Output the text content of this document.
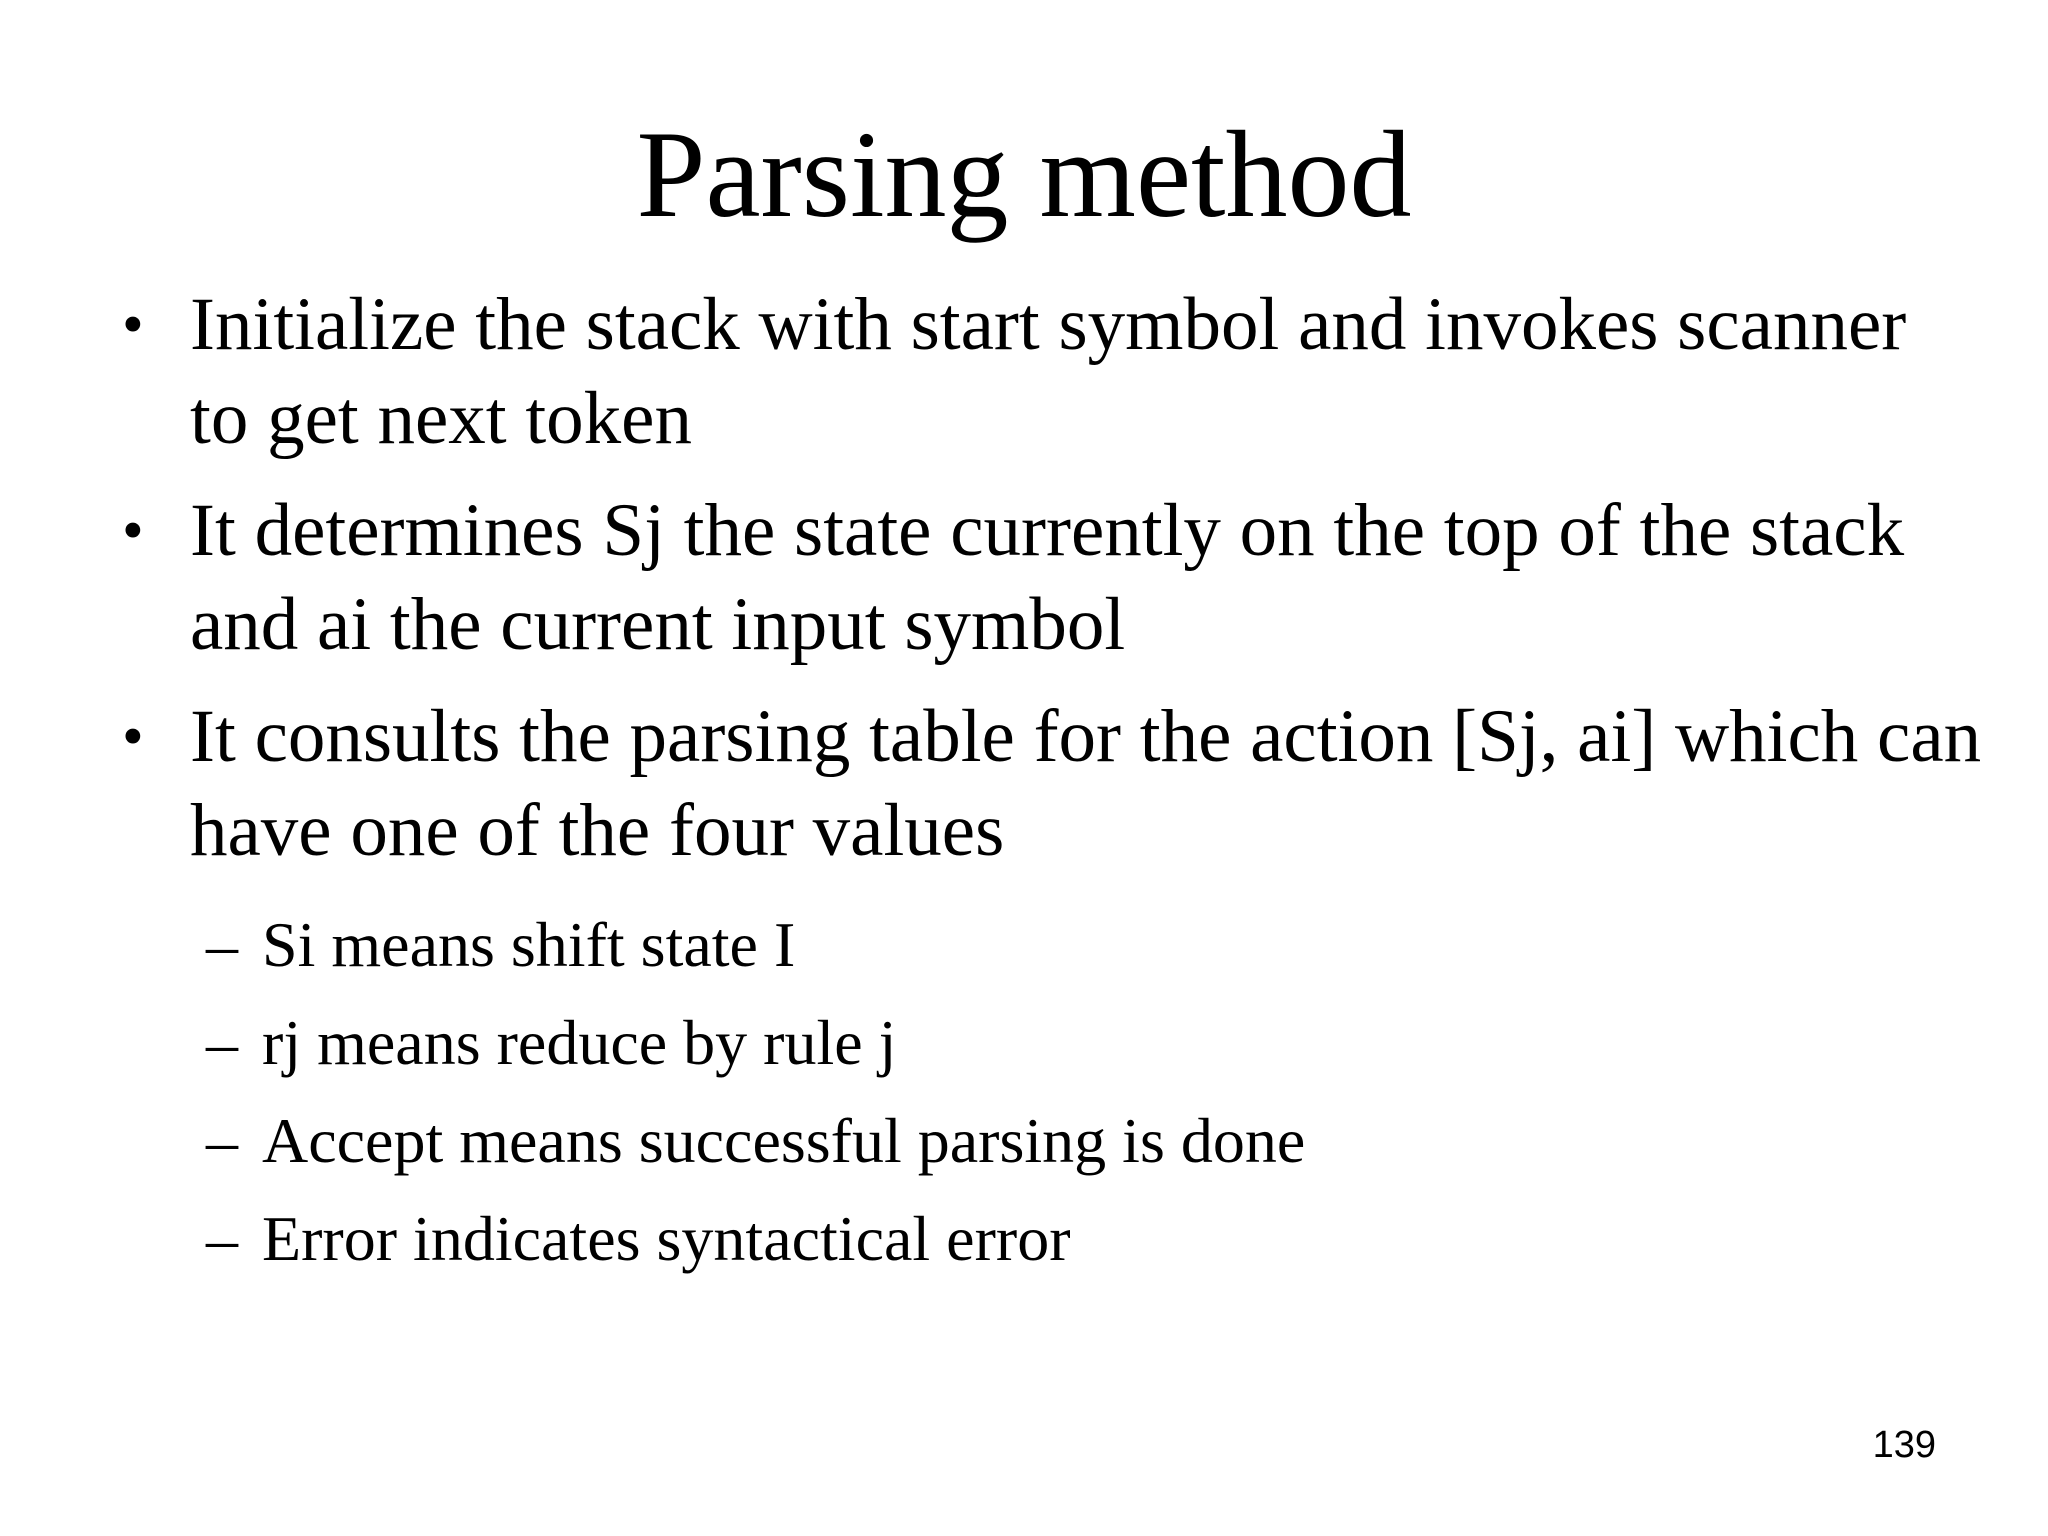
Parsing method
• Initialize the stack with start symbol and invokes scanner to get next token
• It determines Sj the state currently on the top of the stack and ai the current input symbol
• It consults the parsing table for the action [Sj, ai] which can have one of the four values
– Si means shift state I
– rj means reduce by rule j
– Accept means successful parsing is done
– Error indicates syntactical error
139
